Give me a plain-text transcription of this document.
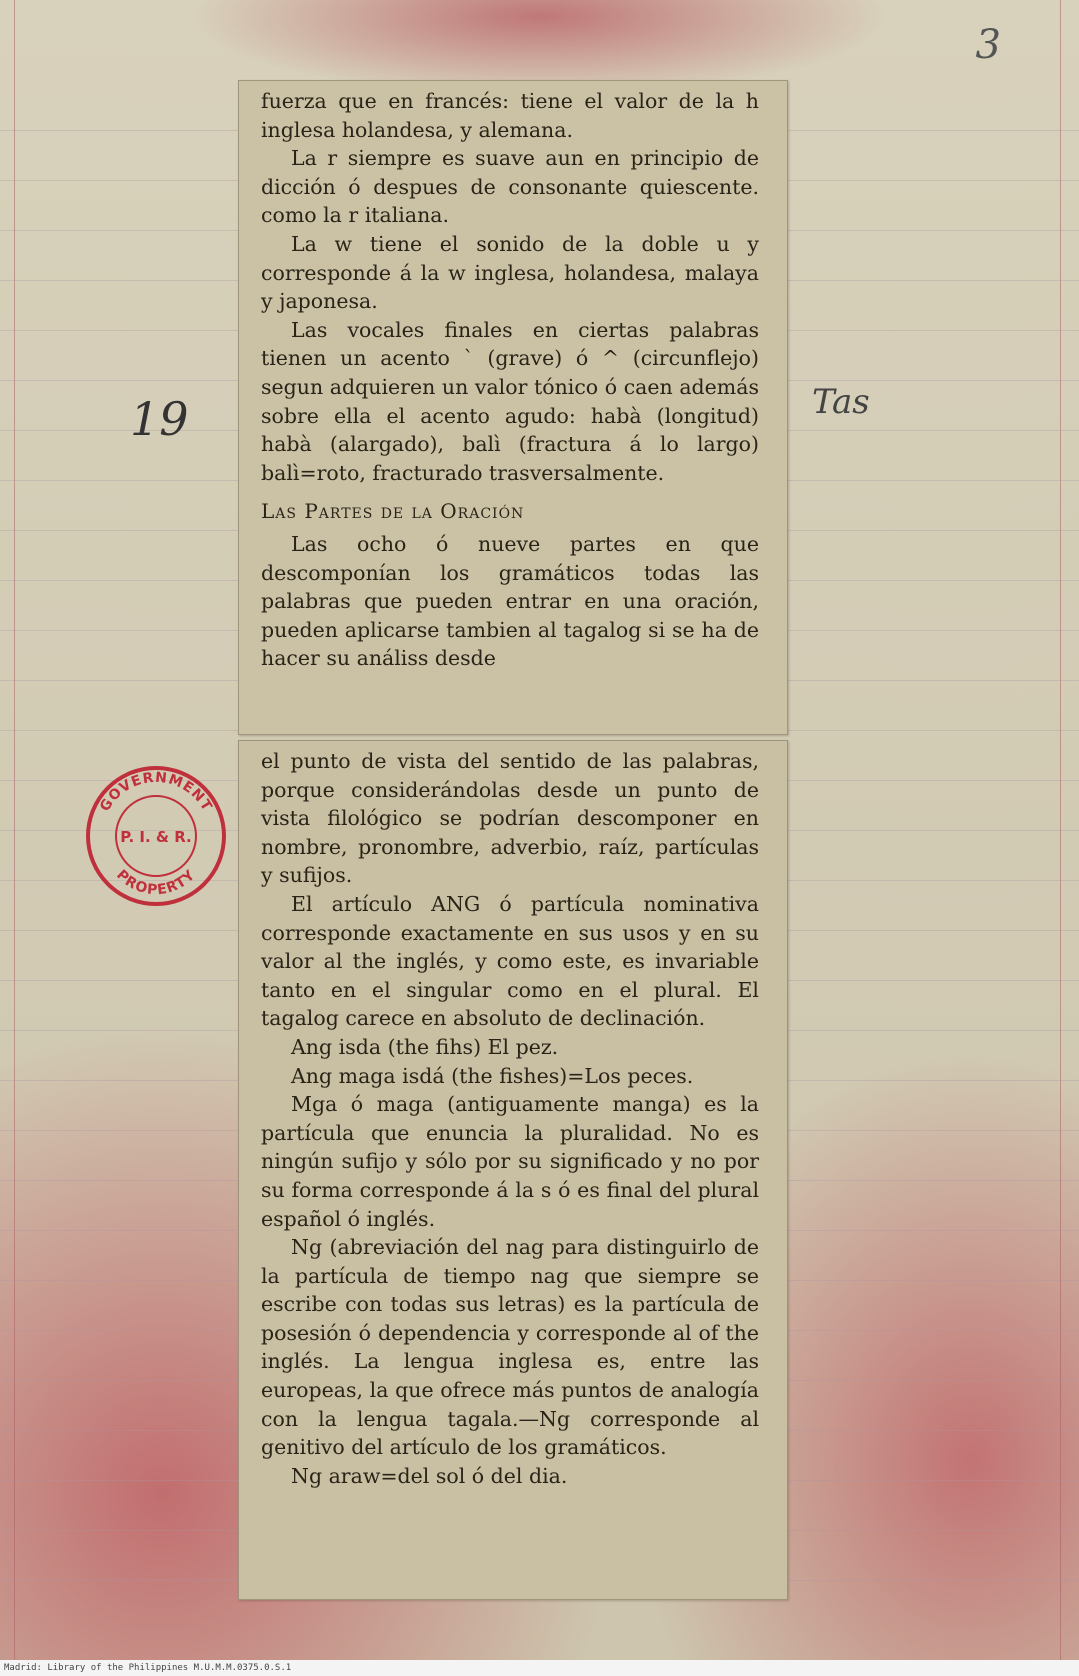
3
19	Tas

fuerza que en francés: tiene el valor de la h inglesa holandesa, y alemana.

La r siempre es suave aun en principio de dicción ó despues de consonante quiescente. como la r italiana.

La w tiene el sonido de la doble u y corresponde á la w inglesa, holandesa, malaya y japonesa.

Las vocales finales en ciertas palabras tienen un acento ` (grave) ó ^ (circunflejo) segun adquieren un valor tónico ó caen además sobre ella el acento agudo: habà (longitud) habà (alargado), balì (fractura á lo largo) balì=roto, fracturado trasversalmente.

Las Partes de la Oración

Las ocho ó nueve partes en que descomponían los gramáticos todas las palabras que pueden entrar en una oración, pueden aplicarse tambien al tagalog si se ha de hacer su análiss desde

el punto de vista del sentido de las palabras, porque considerándolas desde un punto de vista filológico se podrían descomponer en nombre, pronombre, adverbio, raíz, partículas y sufijos.

El artículo ANG ó partícula nominativa corresponde exactamente en sus usos y en su valor al the inglés, y como este, es invariable tanto en el singular como en el plural. El tagalog carece en absoluto de declinación.

Ang isda (the fihs) El pez.

Ang maga isdá (the fishes)=Los peces.

Mga ó maga (antiguamente manga) es la partícula que enuncia la pluralidad. No es ningún sufijo y sólo por su significado y no por su forma corresponde á la s ó es final del plural español ó inglés.

Ng (abreviación del nag para distinguirlo de la partícula de tiempo nag que siempre se escribe con todas sus letras) es la partícula de posesión ó dependencia y corresponde al of the inglés. La lengua inglesa es, entre las europeas, la que ofrece más puntos de analogía con la lengua tagala.—Ng corresponde al genitivo del artículo de los gramáticos.

Ng araw=del sol ó del dia.

GOVERNMENT
P. I. & R.
PROPERTY
Madrid: Library of the Philippines M.U.M.M.0375.0.S.1
